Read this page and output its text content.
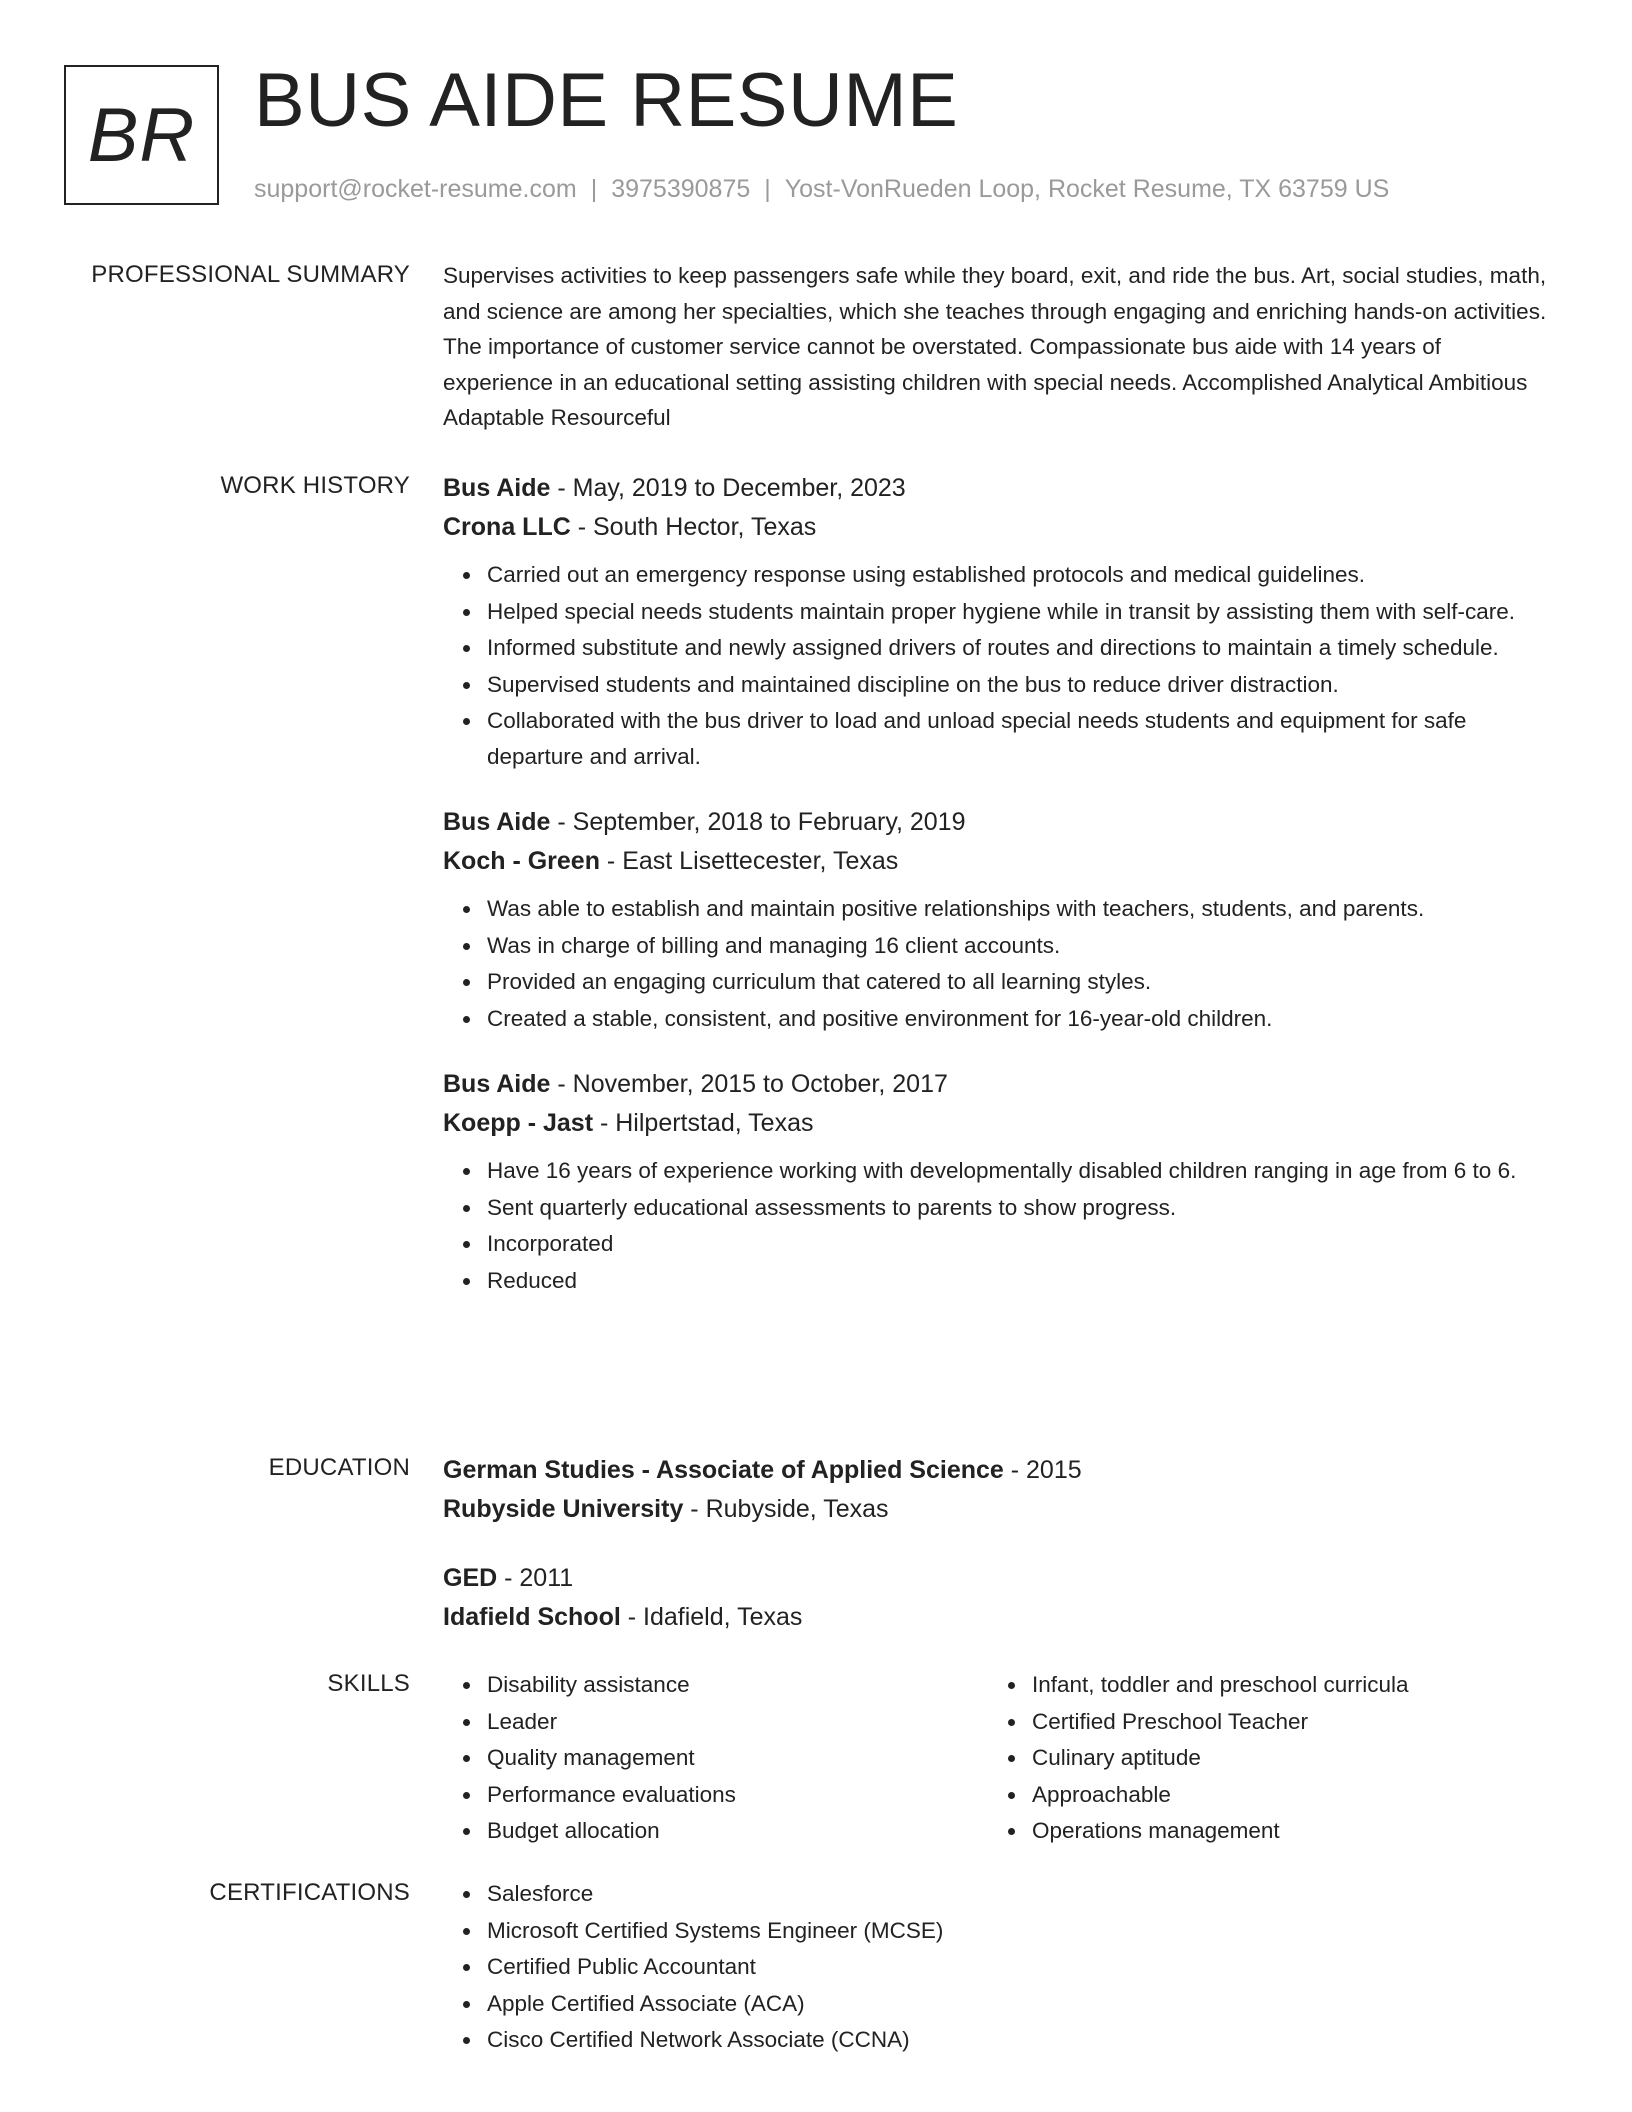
BR BUS AIDE RESUME
support@rocket-resume.com | 3975390875 | Yost-VonRueden Loop, Rocket Resume, TX 63759 US
PROFESSIONAL SUMMARY Supervises activities to keep passengers safe while they board, exit, and ride the bus. Art, social studies, math, and science are among her specialties, which she teaches through engaging and enriching hands-on activities. The importance of customer service cannot be overstated. Compassionate bus aide with 14 years of experience in an educational setting assisting children with special needs. Accomplished Analytical Ambitious Adaptable Resourceful

WORK HISTORY Bus Aide - May, 2019 to December, 2023
Crona LLC - South Hector, Texas
Carried out an emergency response using established protocols and medical guidelines.
Helped special needs students maintain proper hygiene while in transit by assisting them with self-care.
Informed substitute and newly assigned drivers of routes and directions to maintain a timely schedule.
Supervised students and maintained discipline on the bus to reduce driver distraction.
Collaborated with the bus driver to load and unload special needs students and equipment for safe departure and arrival.
Bus Aide - September, 2018 to February, 2019
Koch - Green - East Lisettecester, Texas
Was able to establish and maintain positive relationships with teachers, students, and parents.
Was in charge of billing and managing 16 client accounts.
Provided an engaging curriculum that catered to all learning styles.
Created a stable, consistent, and positive environment for 16-year-old children.
Bus Aide - November, 2015 to October, 2017
Koepp - Jast - Hilpertstad, Texas
Have 16 years of experience working with developmentally disabled children ranging in age from 6 to 6.
Sent quarterly educational assessments to parents to show progress.
Incorporated
Reduced
EDUCATION German Studies - Associate of Applied Science - 2015
Rubyside University - Rubyside, Texas
GED - 2011
Idafield School - Idafield, Texas
SKILLS	Disability assistance
Leader
Quality management
Performance evaluations
Budget allocation
Infant, toddler and preschool curricula
Certified Preschool Teacher
Culinary aptitude
Approachable
Operations management
CERTIFICATIONS	Salesforce
Microsoft Certified Systems Engineer (MCSE)
Certified Public Accountant
Apple Certified Associate (ACA)
Cisco Certified Network Associate (CCNA)
